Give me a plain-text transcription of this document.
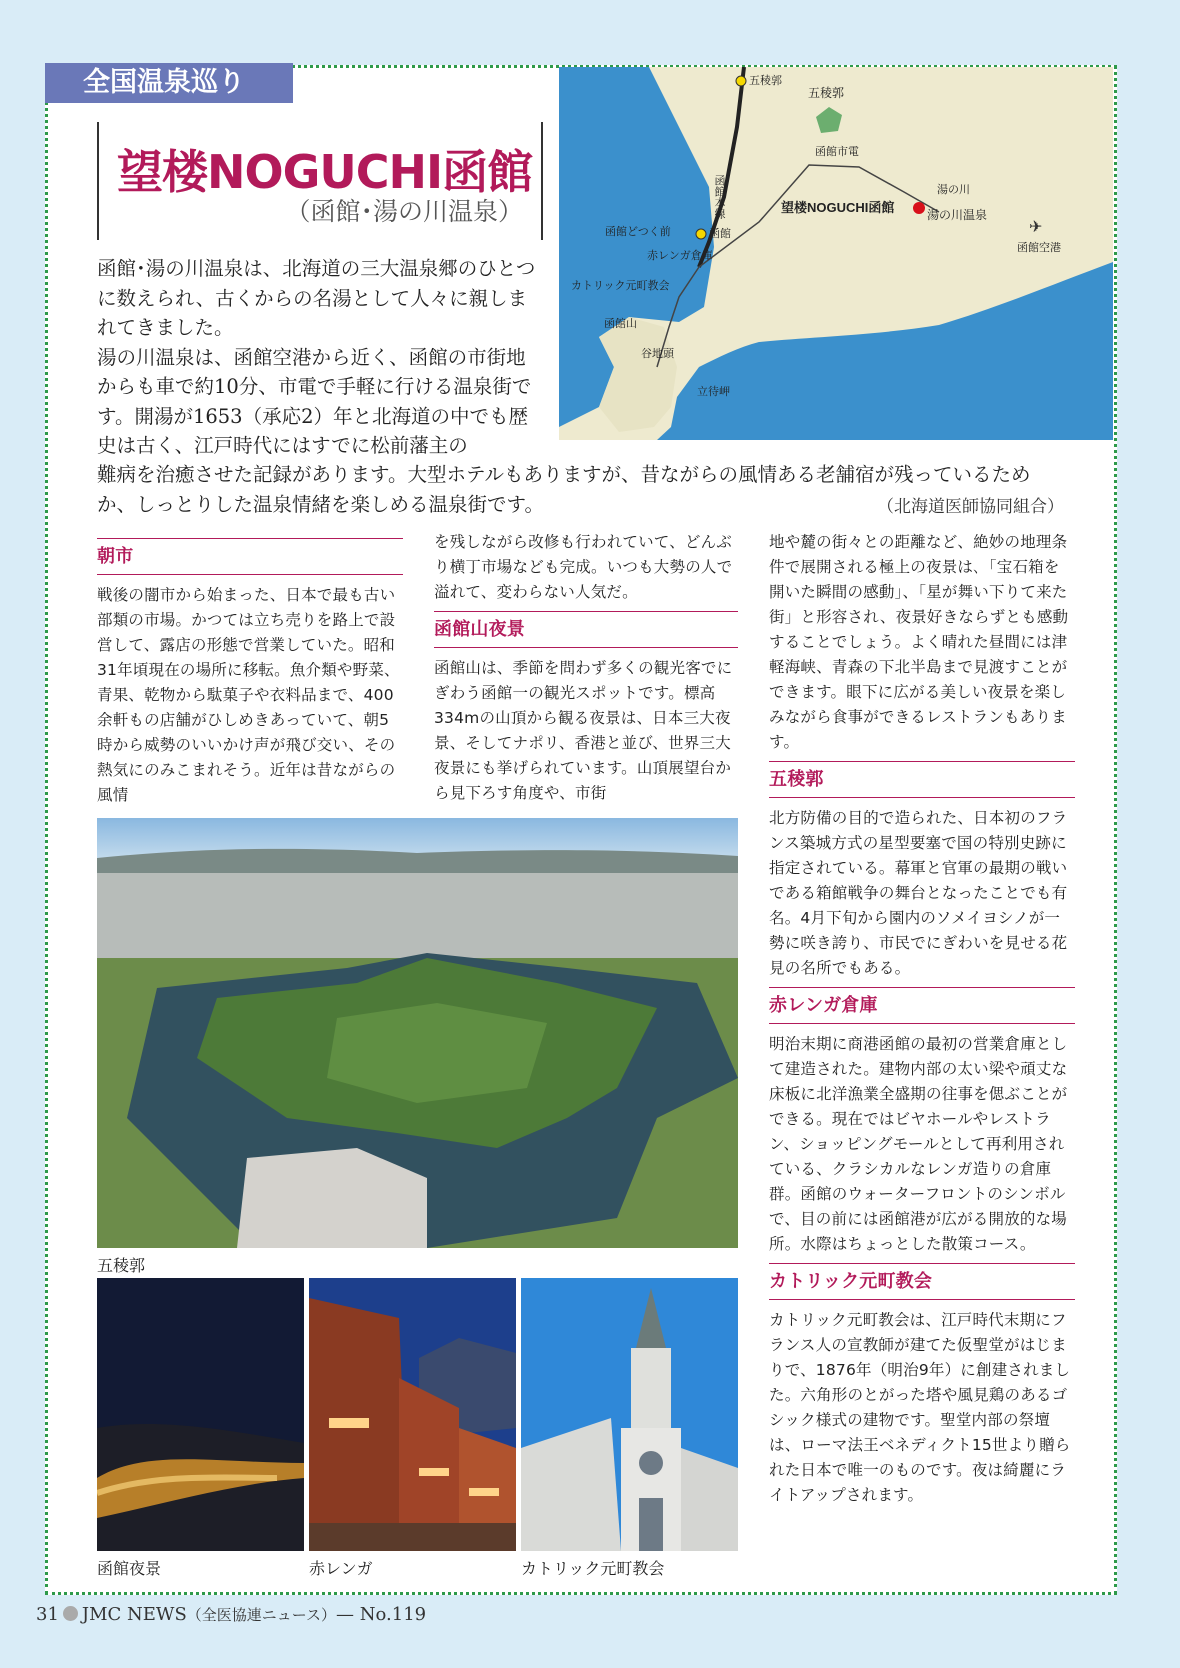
全国温泉巡り
望楼NOGUCHI函館
（函館･湯の川温泉）
✈
五稜郭
五稜郭
函館市電
函館本線	湯の川
望楼NOGUCHI函館	湯の川温泉
函館空港
函館どつく前	函館
赤レンガ倉庫
カトリック元町教会
函館山
谷地頭
立待岬

函館･湯の川温泉は、北海道の三大温泉郷のひとつに数えられ、古くからの名湯として人々に親しまれてきました。

湯の川温泉は、函館空港から近く、函館の市街地からも車で約10分、市電で手軽に行ける温泉街です。開湯が1653（承応2）年と北海道の中でも歴史は古く、江戸時代にはすでに松前藩主の

難病を治癒させた記録があります。大型ホテルもありますが、昔ながらの風情ある老舗宿が残っているためか、しっとりした温泉情緒を楽しめる温泉街です。	（北海道医師協同組合）
朝市

戦後の闇市から始まった、日本で最も古い部類の市場。かつては立ち売りを路上で設営して、露店の形態で営業していた。昭和31年頃現在の場所に移転。魚介類や野菜、青果、乾物から駄菓子や衣料品まで、400余軒もの店舗がひしめきあっていて、朝5時から威勢のいいかけ声が飛び交い、その熱気にのみこまれそう。近年は昔ながらの風情

を残しながら改修も行われていて、どんぶり横丁市場なども完成。いつも大勢の人で溢れて、変わらない人気だ。

函館山夜景

函館山は、季節を問わず多くの観光客でにぎわう函館一の観光スポットです。標高334mの山頂から観る夜景は、日本三大夜景、そしてナポリ、香港と並び、世界三大夜景にも挙げられています。山頂展望台から見下ろす角度や、市街

地や麓の街々との距離など、絶妙の地理条件で展開される極上の夜景は､「宝石箱を開いた瞬間の感動」、「星が舞い下りて来た街」と形容され、夜景好きならずとも感動することでしょう。よく晴れた昼間には津軽海峡、青森の下北半島まで見渡すことができます。眼下に広がる美しい夜景を楽しみながら食事ができるレストランもあります。

五稜郭

北方防備の目的で造られた、日本初のフランス築城方式の星型要塞で国の特別史跡に指定されている。幕軍と官軍の最期の戦いである箱館戦争の舞台となったことでも有名。4月下旬から園内のソメイヨシノが一勢に咲き誇り、市民でにぎわいを見せる花見の名所でもある。

赤レンガ倉庫

明治末期に商港函館の最初の営業倉庫として建造された。建物内部の太い梁や頑丈な床板に北洋漁業全盛期の往事を偲ぶことができる。現在ではビヤホールやレストラン、ショッピングモールとして再利用されている、クラシカルなレンガ造りの倉庫群。函館のウォーターフロントのシンボルで、目の前には函館港が広がる開放的な場所。水際はちょっとした散策コース。

カトリック元町教会

カトリック元町教会は、江戸時代末期にフランス人の宣教師が建てた仮聖堂がはじまりで、1876年（明治9年）に創建されました。六角形のとがった塔や風見鶏のあるゴシック様式の建物です。聖堂内部の祭壇は、ローマ法王ベネディクト15世より贈られた日本で唯一のものです。夜は綺麗にライトアップされます。

五稜郭
函館夜景	赤レンガ	カトリック元町教会
31 JMC NEWS（全医協連ニュース）— No.119
